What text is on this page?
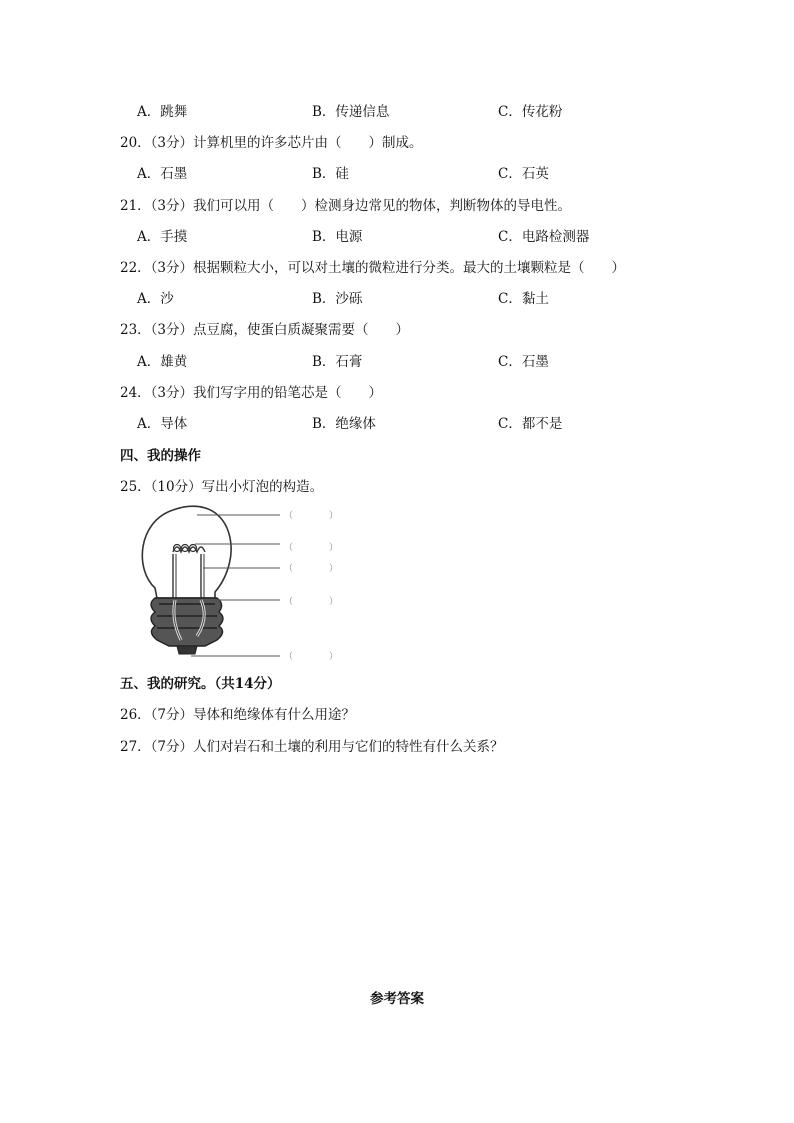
A．跳舞	B．传递信息	C．传花粉
20．（3分）计算机里的许多芯片由（　　）制成。
A．石墨	B．硅	C．石英
21．（3分）我们可以用（　　）检测身边常见的物体，判断物体的导电性。
A．手摸	B．电源	C．电路检测器
22．（3分）根据颗粒大小，可以对土壤的微粒进行分类。最大的土壤颗粒是（　　）
A．沙	B．沙砾	C．黏土
23．（3分）点豆腐，使蛋白质凝聚需要（　　）
A．雄黄	B．石膏	C．石墨
24．（3分）我们写字用的铅笔芯是（　　）
A．导体	B．绝缘体	C．都不是
四、我的操作
25．（10分）写出小灯泡的构造。
（　　　　）
（　　　　）
（　　　　）
（　　　　）
（　　　　）
五、我的研究。（共14分）
26．（7分）导体和绝缘体有什么用途？
27．（7分）人们对岩石和土壤的利用与它们的特性有什么关系？
参考答案
